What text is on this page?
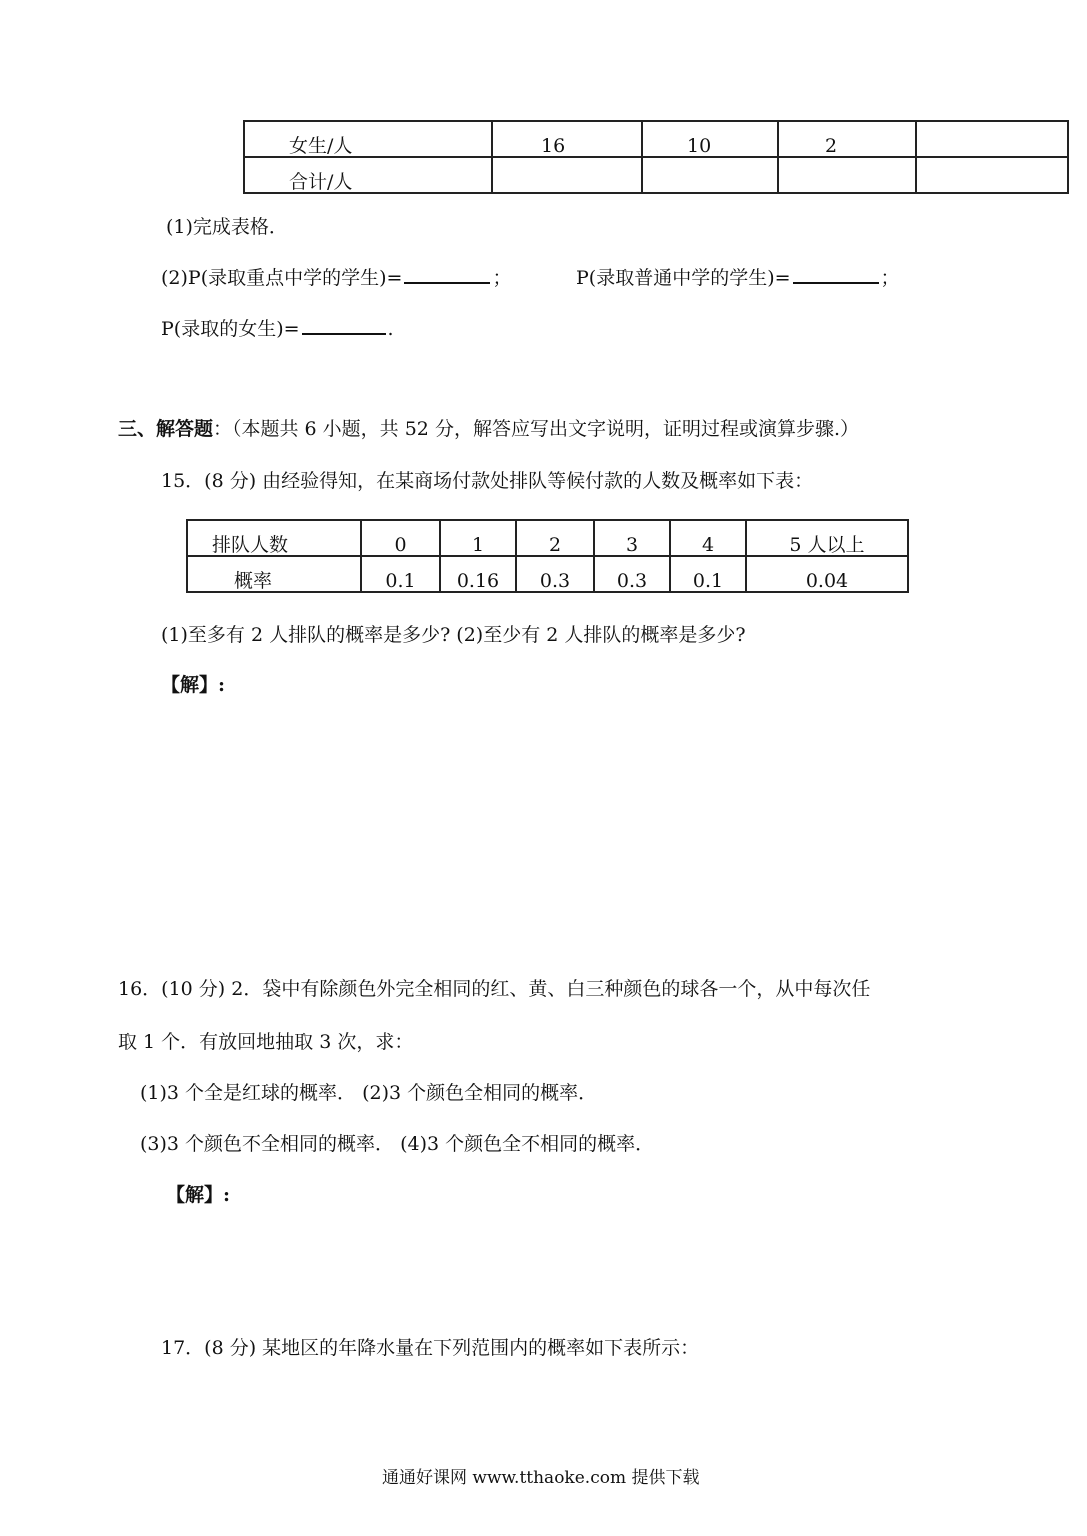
女生/人	16	10	2	
合计/人				
(1)完成表格．
(2)P(录取重点中学的学生)=	；	P(录取普通中学的学生)=	；
P(录取的女生)=	.
三、解答题：（本题共 6 小题，共 52 分，解答应写出文字说明，证明过程或演算步骤.）
15．(8 分) 由经验得知，在某商场付款处排队等候付款的人数及概率如下表：
排队人数	0	1	2	3	4	5 人以上
概率	0.1	0.16	0.3	0.3	0.1	0.04
(1)至多有 2 人排队的概率是多少? (2)至少有 2 人排队的概率是多少?
【解】:
16．(10 分) 2．袋中有除颜色外完全相同的红、黄、白三种颜色的球各一个，从中每次任
取 1 个．有放回地抽取 3 次，求：
(1)3 个全是红球的概率． (2)3 个颜色全相同的概率．
(3)3 个颜色不全相同的概率． (4)3 个颜色全不相同的概率．
【解】:
17．(8 分) 某地区的年降水量在下列范围内的概率如下表所示：
通通好课网 www.tthaoke.com 提供下载
